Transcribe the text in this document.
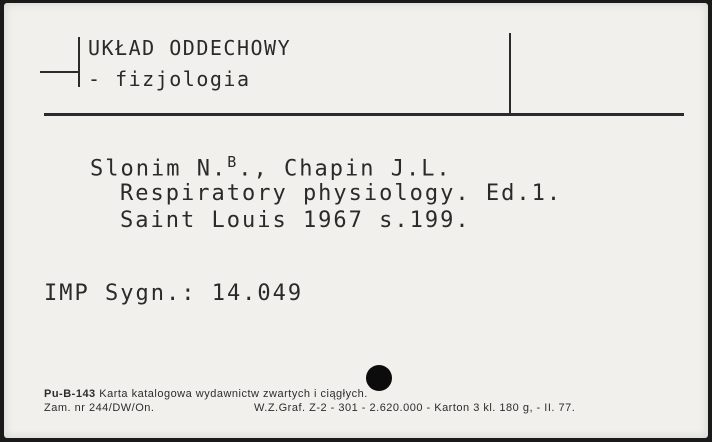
UKŁAD ODDECHOWY
- fizjologia
Slonim N.$^B$., Chapin J.L.
Respiratory physiology. Ed.1.
Saint Louis 1967 s.199.
IMP Sygn.: 14.049
Pu-B-143 Karta katalogowa wydawnictw zwartych i ciągłych.
Zam. nr 244/DW/On.	W.Z.Graf. Z-2 - 301 - 2.620.000 - Karton 3 kl. 180 g, - II. 77.
